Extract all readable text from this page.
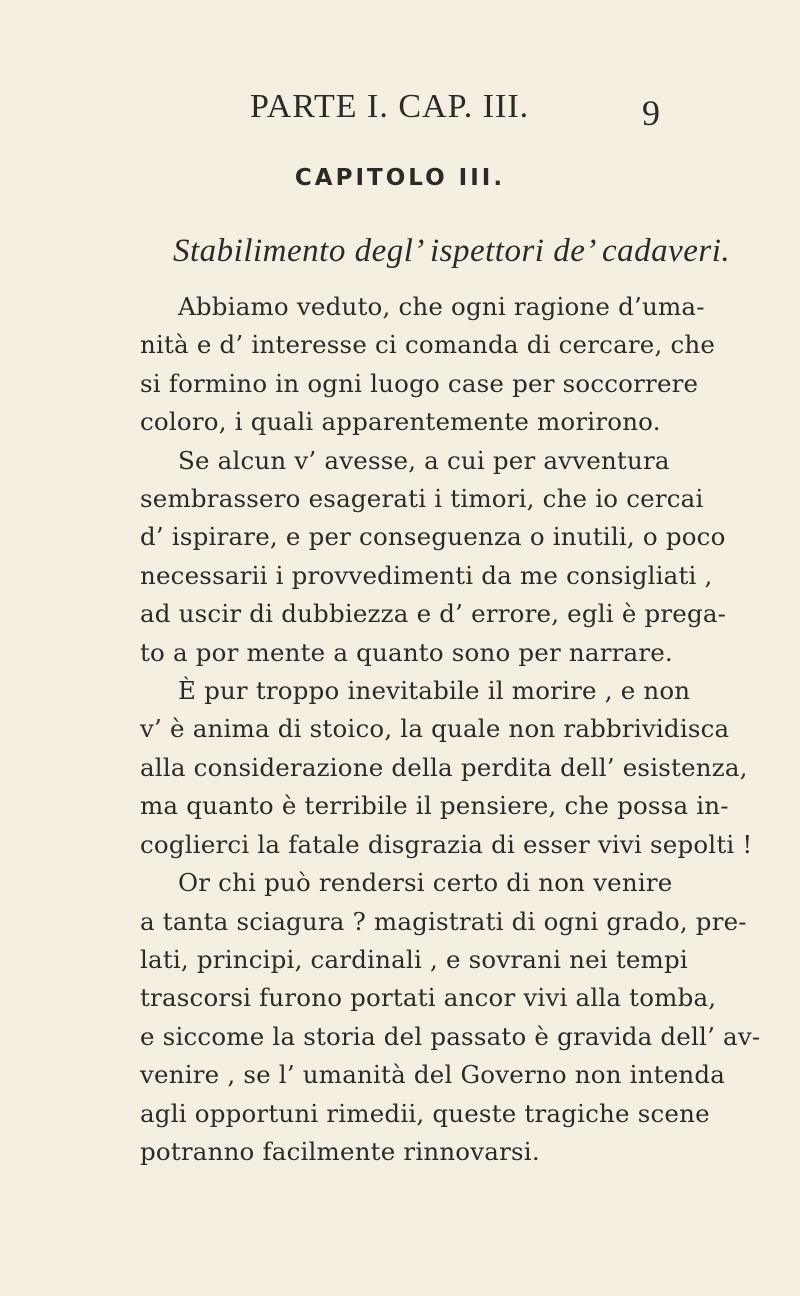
PARTE I. CAP. III.	9
CAPITOLO III.
Stabilimento degl’ ispettori de’ cadaveri.
Abbiamo veduto, che ogni ragione d’uma-
nità e d’ interesse ci comanda di cercare, che
si formino in ogni luogo case per soccorrere
coloro, i quali apparentemente morirono.
Se alcun v’ avesse, a cui per avventura
sembrassero esagerati i timori, che io cercai
d’ ispirare, e per conseguenza o inutili, o poco
necessarii i provvedimenti da me consigliati ,
ad uscir di dubbiezza e d’ errore, egli è prega-
to a por mente a quanto sono per narrare.
È pur troppo inevitabile il morire , e non
v’ è anima di stoico, la quale non rabbrividisca
alla considerazione della perdita dell’ esistenza,
ma quanto è terribile il pensiere, che possa in-
coglierci la fatale disgrazia di esser vivi sepolti !
Or chi può rendersi certo di non venire
a tanta sciagura ? magistrati di ogni grado, pre-
lati, principi, cardinali , e sovrani nei tempi
trascorsi furono portati ancor vivi alla tomba,
e siccome la storia del passato è gravida dell’ av-
venire , se l’ umanità del Governo non intenda
agli opportuni rimedii, queste tragiche scene
potranno facilmente rinnovarsi.
